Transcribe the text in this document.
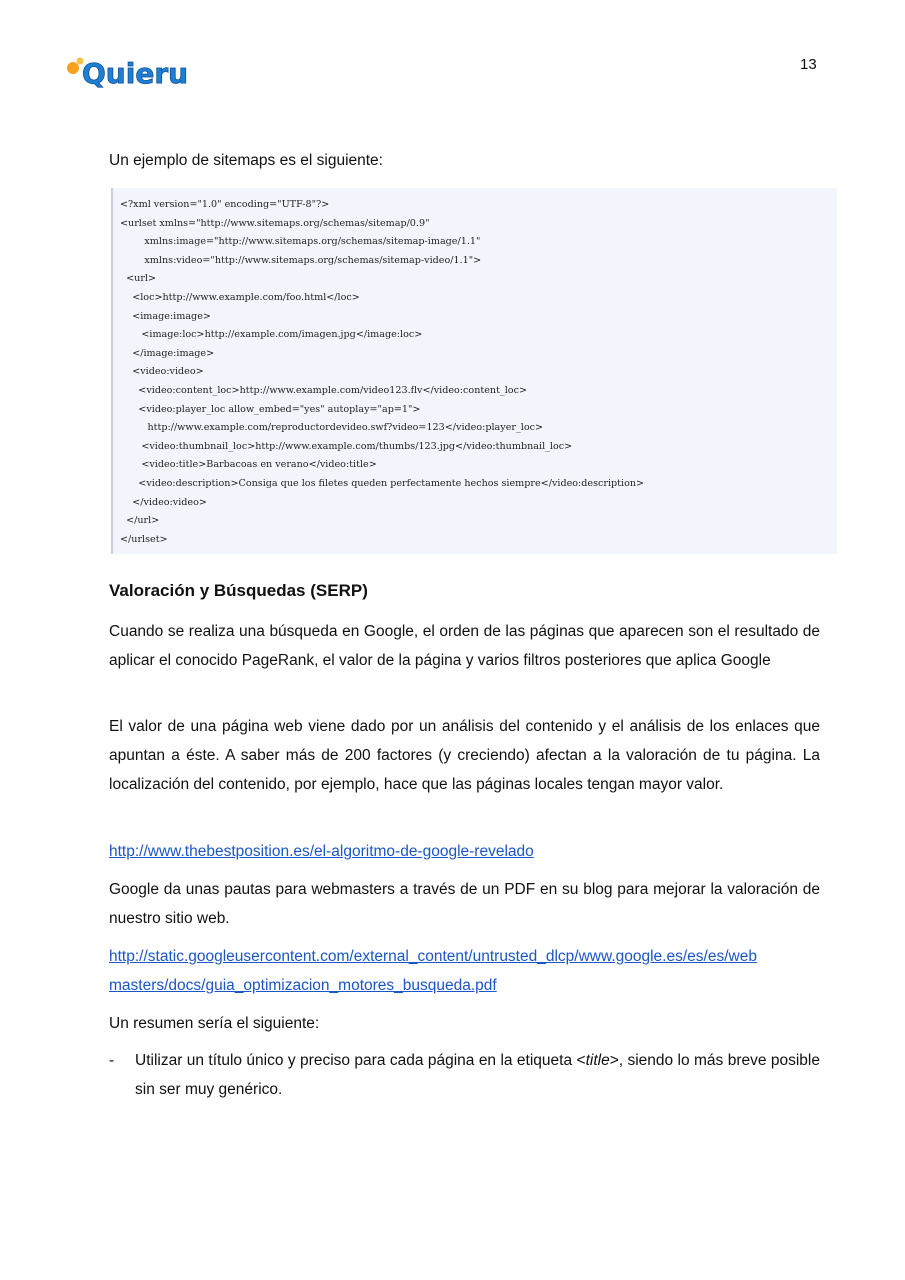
Quieru	13
Un ejemplo de sitemaps es el siguiente:
<?xml version="1.0" encoding="UTF-8"?>
<urlset xmlns="http://www.sitemaps.org/schemas/sitemap/0.9"
xmlns:image="http://www.sitemaps.org/schemas/sitemap-image/1.1"
xmlns:video="http://www.sitemaps.org/schemas/sitemap-video/1.1">
<url>
<loc>http://www.example.com/foo.html</loc>
<image:image>
<image:loc>http://example.com/imagen.jpg</image:loc>
</image:image>
<video:video>
<video:content_loc>http://www.example.com/video123.flv</video:content_loc>
<video:player_loc allow_embed="yes" autoplay="ap=1">
http://www.example.com/reproductordevideo.swf?video=123</video:player_loc>
<video:thumbnail_loc>http://www.example.com/thumbs/123.jpg</video:thumbnail_loc>
<video:title>Barbacoas en verano</video:title>
<video:description>Consiga que los filetes queden perfectamente hechos siempre</video:description>
</video:video>
</url>
</urlset>
Valoración y Búsquedas (SERP)

Cuando se realiza una búsqueda en Google, el orden de las páginas que aparecen son el resultado de aplicar el conocido PageRank, el valor de la página y varios filtros posteriores que aplica Google

El valor de una página web viene dado por un análisis del contenido y el análisis de los enlaces que apuntan a éste. A saber más de 200 factores (y creciendo) afectan a la valoración de tu página. La localización del contenido, por ejemplo, hace que las páginas locales tengan mayor valor.

http://www.thebestposition.es/el-algoritmo-de-google-revelado

Google da unas pautas para webmasters a través de un PDF en su blog para mejorar la valoración de nuestro sitio web.

http://static.googleusercontent.com/external_content/untrusted_dlcp/www.google.es/es/es/web
masters/docs/guia_optimizacion_motores_busqueda.pdf

Un resumen sería el siguiente:

- Utilizar un título único y preciso para cada página en la etiqueta <title>, siendo lo más breve posible sin ser muy genérico.
